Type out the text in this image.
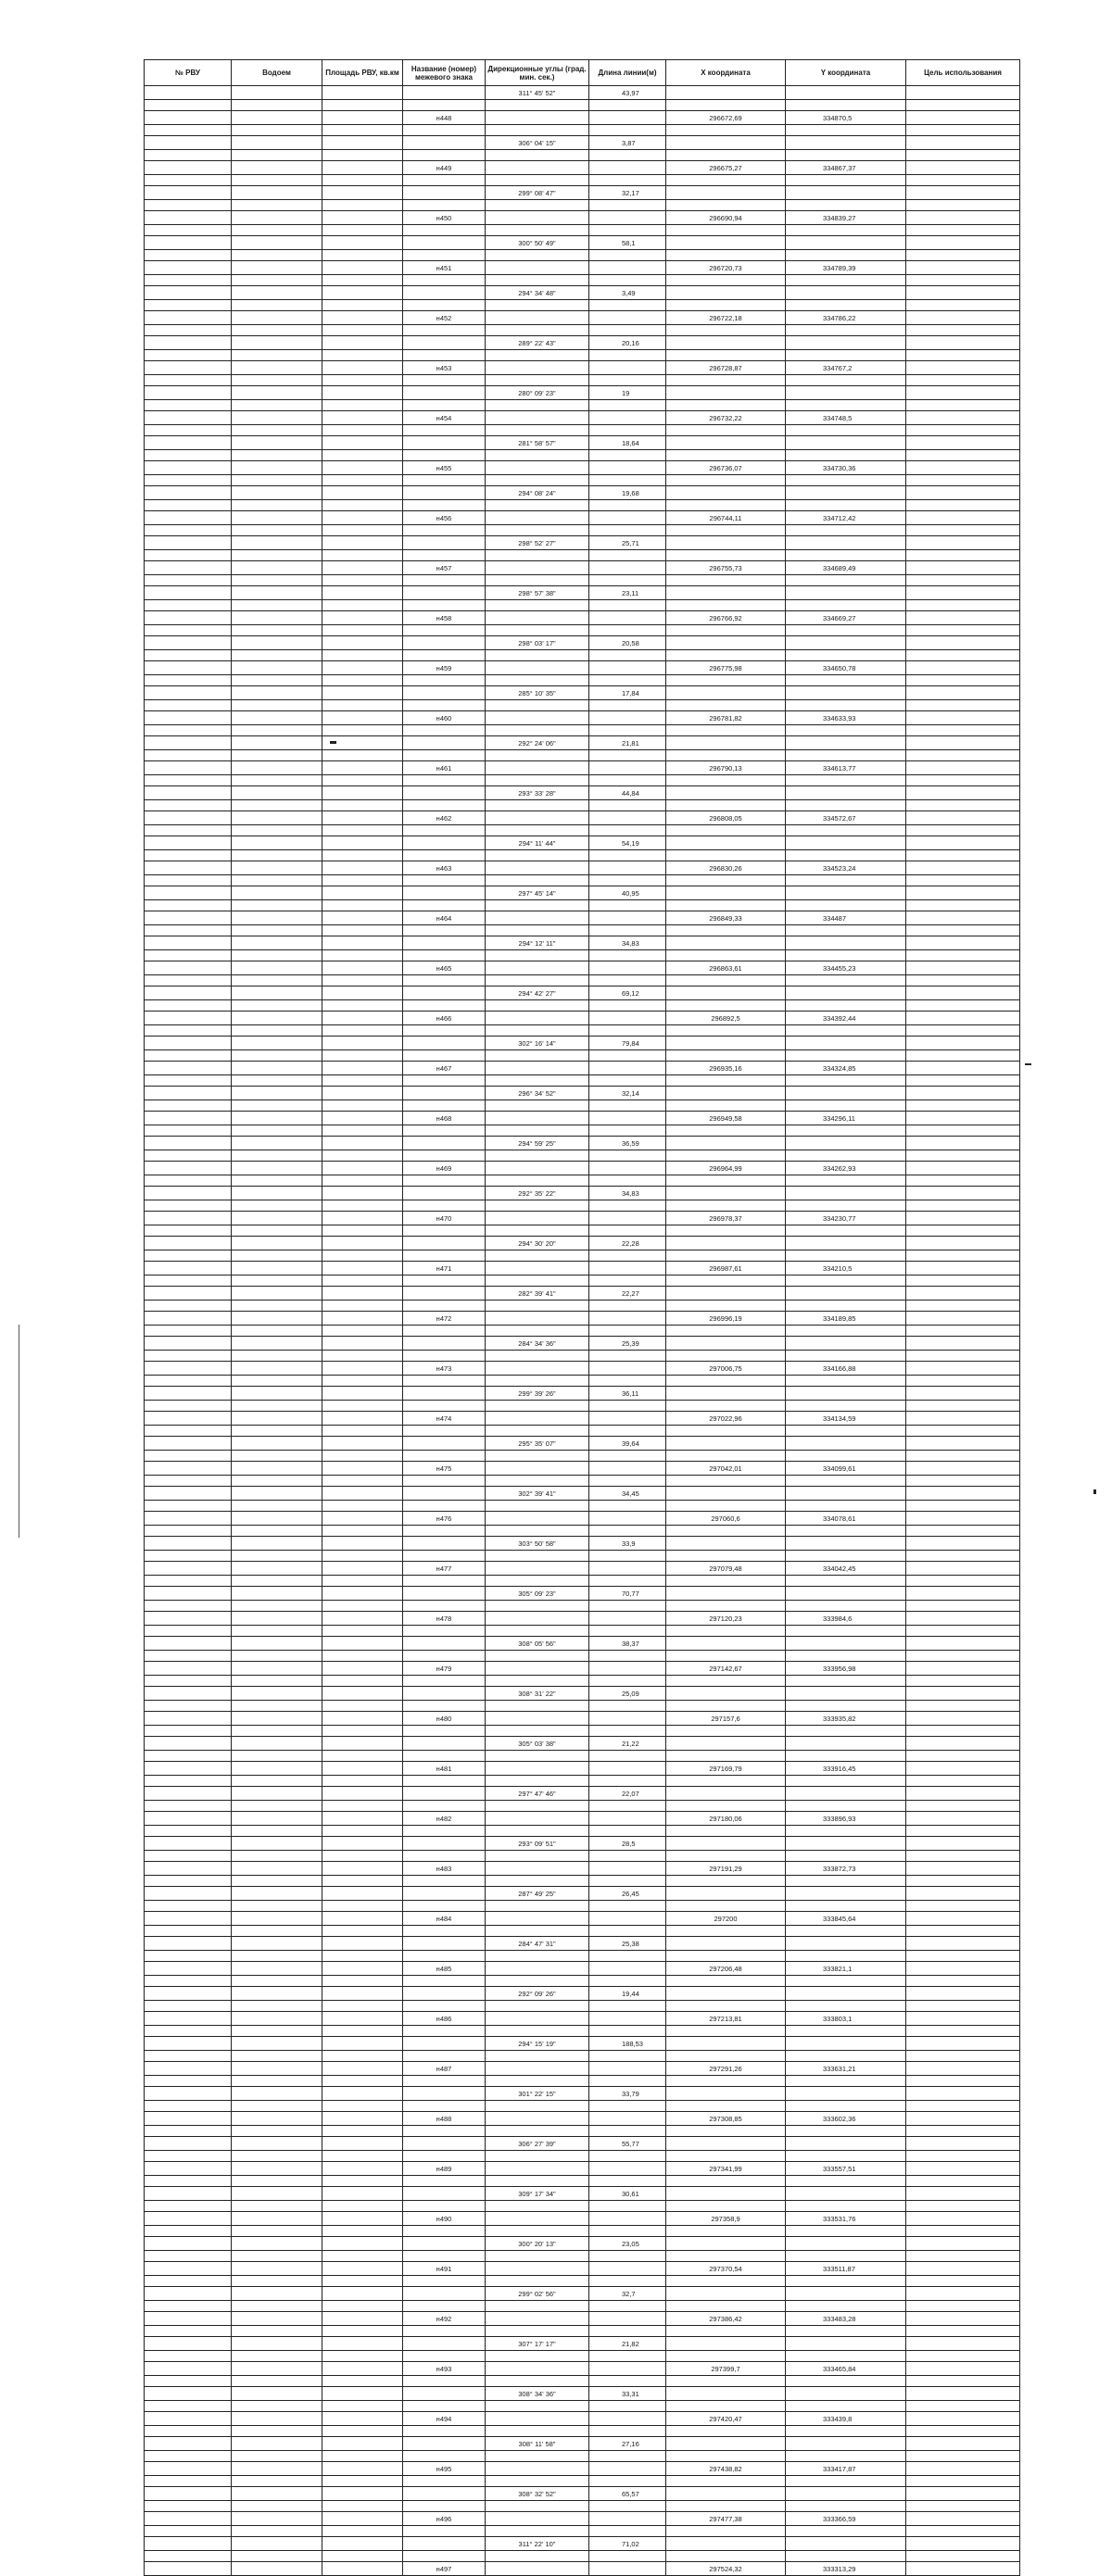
№ РВУ	Водоем	Площадь РВУ, кв.км	Название (номер) межевого знака	Дирекционные углы (град. мин. сек.)	Длина линии(м)	X координата	Y координата	Цель использования
				311° 45' 52"	43,97			

			н448			296672,69	334870,5	

				306° 04' 15"	3,87			

			н449			296675,27	334867,37	

				299° 08' 47"	32,17			

			н450			296690,94	334839,27	

				300° 50' 49"	58,1			

			н451			296720,73	334789,39	

				294° 34' 48"	3,49			

			н452			296722,18	334786,22	

				289° 22' 43"	20,16			

			н453			296728,87	334767,2	

				280° 09' 23"	19			

			н454			296732,22	334748,5	

				281° 58' 57"	18,64			

			н455			296736,07	334730,36	

				294° 08' 24"	19,68			

			н456			296744,11	334712,42	

				298° 52' 27"	25,71			

			н457			296755,73	334689,49	

				298° 57' 38"	23,11			

			н458			296766,92	334669,27	

				298° 03' 17"	20,58			

			н459			296775,98	334650,78	

				285° 10' 35"	17,84			

			н460			296781,82	334633,93	

				292° 24' 06"	21,81			

			н461			296790,13	334613,77	

				293° 33' 28"	44,84			

			н462			296808,05	334572,67	

				294° 11' 44"	54,19			

			н463			296830,26	334523,24	

				297° 45' 14"	40,95			

			н464			296849,33	334487	

				294° 12' 11"	34,83			

			н465			296863,61	334455,23	

				294° 42' 27"	69,12			

			н466			296892,5	334392,44	

				302° 16' 14"	79,84			

			н467			296935,16	334324,85	

				296° 34' 52"	32,14			

			н468			296949,58	334296,11	

				294° 59' 25"	36,59			

			н469			296964,99	334262,93	

				292° 35' 22"	34,83			

			н470			296978,37	334230,77	

				294° 30' 20"	22,28			

			н471			296987,61	334210,5	

				282° 39' 41"	22,27			

			н472			296996,19	334189,85	

				284° 34' 36"	25,39			

			н473			297006,75	334166,88	

				299° 39' 26"	36,11			

			н474			297022,96	334134,59	

				295° 35' 07"	39,64			

			н475			297042,01	334099,61	

				302° 39' 41"	34,45			

			н476			297060,6	334078,61	

				303° 50' 58"	33,9			

			н477			297079,48	334042,45	

				305° 09' 23"	70,77			

			н478			297120,23	333984,6	

				308° 05' 56"	38,37			

			н479			297142,67	333956,98	

				308° 31' 22"	25,09			

			н480			297157,6	333935,82	

				305° 03' 38"	21,22			

			н481			297169,79	333916,45	

				297° 47' 46"	22,07			

			н482			297180,06	333896,93	

				293° 09' 51"	28,5			

			н483			297191,29	333872,73	

				287° 49' 25"	26,45			

			н484			297200	333845,64	

				284° 47' 31"	25,38			

			н485			297206,48	333821,1	

				292° 09' 26"	19,44			

			н486			297213,81	333803,1	

				294° 15' 19"	188,53			

			н487			297291,26	333631,21	

				301° 22' 15"	33,79			

			н488			297308,85	333602,36	

				306° 27' 39"	55,77			

			н489			297341,99	333557,51	

				309° 17' 34"	30,61			

			н490			297358,9	333531,76	

				300° 20' 13"	23,05			

			н491			297370,54	333511,87	

				299° 02' 56"	32,7			

			н492			297386,42	333483,28	

				307° 17' 17"	21,82			

			н493			297399,7	333465,84	

				308° 34' 36"	33,31			

			н494			297420,47	333439,8	

				308° 11' 58"	27,16			

			н495			297438,82	333417,87	

				308° 32' 52"	65,57			

			н496			297477,38	333366,59	

				311° 22' 10"	71,02			

			н497			297524,32	333313,29	
